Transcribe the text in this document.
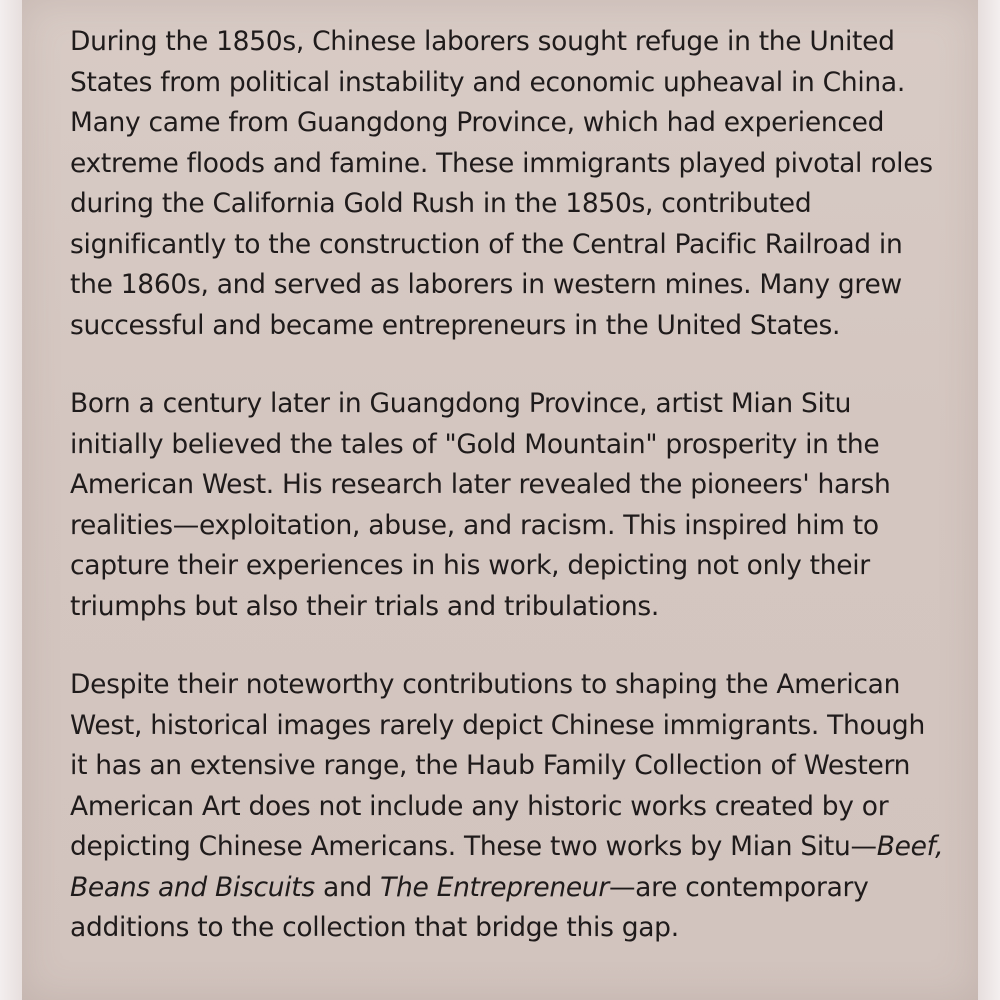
During the 1850s, Chinese laborers sought refuge in the United
States from political instability and economic upheaval in China.
Many came from Guangdong Province, which had experienced
extreme floods and famine. These immigrants played pivotal roles
during the California Gold Rush in the 1850s, contributed
significantly to the construction of the Central Pacific Railroad in
the 1860s, and served as laborers in western mines. Many grew
successful and became entrepreneurs in the United States.

Born a century later in Guangdong Province, artist Mian Situ
initially believed the tales of "Gold Mountain" prosperity in the
American West. His research later revealed the pioneers' harsh
realities—exploitation, abuse, and racism. This inspired him to
capture their experiences in his work, depicting not only their
triumphs but also their trials and tribulations.

Despite their noteworthy contributions to shaping the American
West, historical images rarely depict Chinese immigrants. Though
it has an extensive range, the Haub Family Collection of Western
American Art does not include any historic works created by or
depicting Chinese Americans. These two works by Mian Situ—Beef,
Beans and Biscuits and The Entrepreneur—are contemporary
additions to the collection that bridge this gap.
